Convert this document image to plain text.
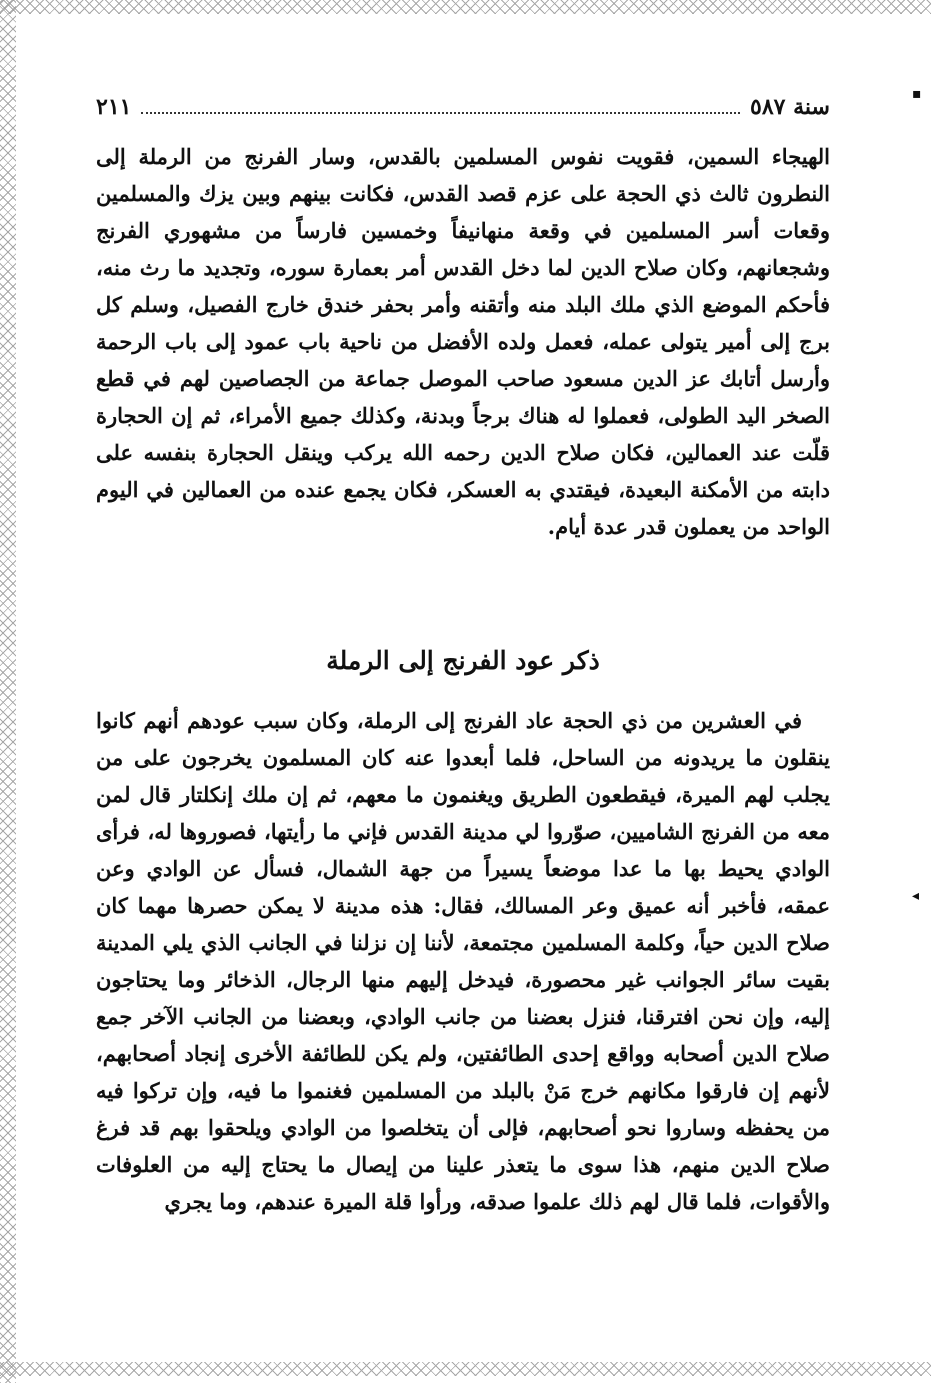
سنة ٥٨٧
٢١١	▪
◂

الهيجاء السمين، فقويت نفوس المسلمين بالقدس، وسار الفرنج من الرملة إلى النطرون ثالث ذي الحجة على عزم قصد القدس، فكانت بينهم وبين يزك والمسلمين وقعات أسر المسلمين في وقعة منهانيفاً وخمسين فارساً من مشهوري الفرنج وشجعانهم، وكان صلاح الدين لما دخل القدس أمر بعمارة سوره، وتجديد ما رث منه، فأحكم الموضع الذي ملك البلد منه وأتقنه وأمر بحفر خندق خارج الفصيل، وسلم كل برج إلى أمير يتولى عمله، فعمل ولده الأفضل من ناحية باب عمود إلى باب الرحمة وأرسل أتابك عز الدين مسعود صاحب الموصل جماعة من الجصاصين لهم في قطع الصخر اليد الطولى، فعملوا له هناك برجاً وبدنة، وكذلك جميع الأمراء، ثم إن الحجارة قلّت عند العمالين، فكان صلاح الدين رحمه الله يركب وينقل الحجارة بنفسه على دابته من الأمكنة البعيدة، فيقتدي به العسكر، فكان يجمع عنده من العمالين في اليوم الواحد من يعملون قدر عدة أيام.

ذكر عود الفرنج إلى الرملة

في العشرين من ذي الحجة عاد الفرنج إلى الرملة، وكان سبب عودهم أنهم كانوا ينقلون ما يريدونه من الساحل، فلما أبعدوا عنه كان المسلمون يخرجون على من يجلب لهم الميرة، فيقطعون الطريق ويغنمون ما معهم، ثم إن ملك إنكلتار قال لمن معه من الفرنج الشاميين، صوّروا لي مدينة القدس فإني ما رأيتها، فصوروها له، فرأى الوادي يحيط بها ما عدا موضعاً يسيراً من جهة الشمال، فسأل عن الوادي وعن عمقه، فأخبر أنه عميق وعر المسالك، فقال: هذه مدينة لا يمكن حصرها مهما كان صلاح الدين حياً، وكلمة المسلمين مجتمعة، لأننا إن نزلنا في الجانب الذي يلي المدينة بقيت سائر الجوانب غير محصورة، فيدخل إليهم منها الرجال، الذخائر وما يحتاجون إليه، وإن نحن افترقنا، فنزل بعضنا من جانب الوادي، وبعضنا من الجانب الآخر جمع صلاح الدين أصحابه وواقع إحدى الطائفتين، ولم يكن للطائفة الأخرى إنجاد أصحابهم، لأنهم إن فارقوا مكانهم خرج مَنْ بالبلد من المسلمين فغنموا ما فيه، وإن تركوا فيه من يحفظه وساروا نحو أصحابهم، فإلى أن يتخلصوا من الوادي ويلحقوا بهم قد فرغ صلاح الدين منهم، هذا سوى ما يتعذر علينا من إيصال ما يحتاج إليه من العلوفات والأقوات، فلما قال لهم ذلك علموا صدقه، ورأوا قلة الميرة عندهم، وما يجري
